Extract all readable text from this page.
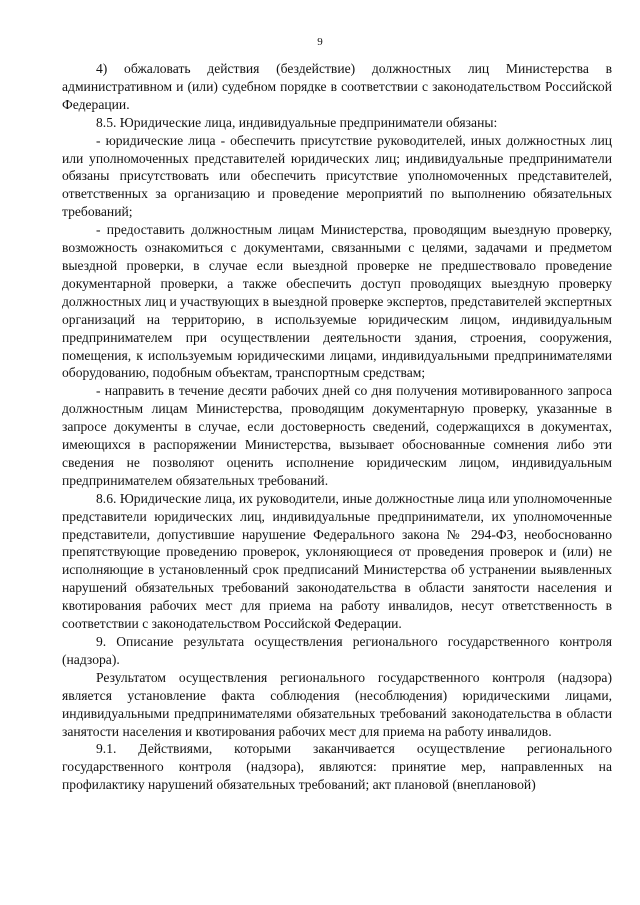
9

4) обжаловать действия (бездействие) должностных лиц Министерства в административном и (или) судебном порядке в соответствии с законодательством Российской Федерации.

8.5. Юридические лица, индивидуальные предприниматели обязаны:

- юридические лица - обеспечить присутствие руководителей, иных должностных лиц или уполномоченных представителей юридических лиц; индивидуальные предприниматели обязаны присутствовать или обеспечить присутствие уполномоченных представителей, ответственных за организацию и проведение мероприятий по выполнению обязательных требований;

- предоставить должностным лицам Министерства, проводящим выездную проверку, возможность ознакомиться с документами, связанными с целями, задачами и предметом выездной проверки, в случае если выездной проверке не предшествовало проведение документарной проверки, а также обеспечить доступ проводящих выездную проверку должностных лиц и участвующих в выездной проверке экспертов, представителей экспертных организаций на территорию, в используемые юридическим лицом, индивидуальным предпринимателем при осуществлении деятельности здания, строения, сооружения, помещения, к используемым юридическими лицами, индивидуальными предпринимателями оборудованию, подобным объектам, транспортным средствам;

- направить в течение десяти рабочих дней со дня получения мотивированного запроса должностным лицам Министерства, проводящим документарную проверку, указанные в запросе документы в случае, если достоверность сведений, содержащихся в документах, имеющихся в распоряжении Министерства, вызывает обоснованные сомнения либо эти сведения не позволяют оценить исполнение юридическим лицом, индивидуальным предпринимателем обязательных требований.

8.6. Юридические лица, их руководители, иные должностные лица или уполномоченные представители юридических лиц, индивидуальные предприниматели, их уполномоченные представители, допустившие нарушение Федерального закона № 294-ФЗ, необоснованно препятствующие проведению проверок, уклоняющиеся от проведения проверок и (или) не исполняющие в установленный срок предписаний Министерства об устранении выявленных нарушений обязательных требований законодательства в области занятости населения и квотирования рабочих мест для приема на работу инвалидов, несут ответственность в соответствии с законодательством Российской Федерации.

9. Описание результата осуществления регионального государственного контроля (надзора).

Результатом осуществления регионального государственного контроля (надзора) является установление факта соблюдения (несоблюдения) юридическими лицами, индивидуальными предпринимателями обязательных требований законодательства в области занятости населения и квотирования рабочих мест для приема на работу инвалидов.

9.1. Действиями, которыми заканчивается осуществление регионального государственного контроля (надзора), являются: принятие мер, направленных на профилактику нарушений обязательных требований; акт плановой (внеплановой)
